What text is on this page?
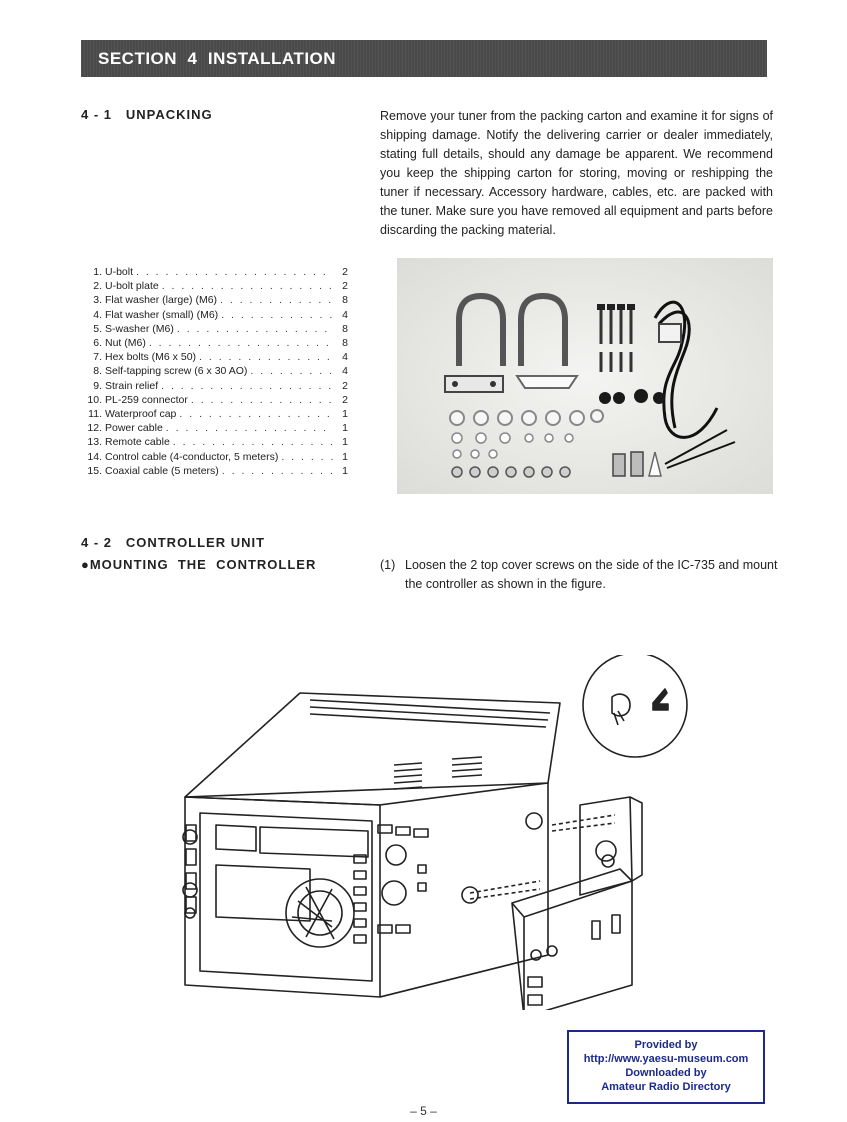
SECTION  4  INSTALLATION
4 - 1   UNPACKING	Remove your tuner from the packing carton and examine it for signs of shipping damage. Notify the delivering carrier or dealer immediately, stating full details, should any damage be apparent. We recommend you keep the shipping carton for storing, moving or reshipping the tuner if necessary. Accessory hardware, cables, etc. are packed with the tuner. Make sure you have removed all equipment and parts before discarding the packing material.
1. U-bolt . . .	2
2. U-bolt plate . . .	2
3. Flat washer (large) (M6) . . .	8
4. Flat washer (small) (M6) . . .	4
5. S-washer (M6) . . .	8
6. Nut (M6) . . .	8
7. Hex bolts (M6 x 50) . . .	4
8. Self-tapping screw (6 x 30 AO) . . .	4
9. Strain relief . . .	2
10. PL-259 connector . . .	2
11. Waterproof cap . . .	1
12. Power cable . . .	1
13. Remote cable . . .	1
14. Control cable (4-conductor, 5 meters) . . .	1
15. Coaxial cable (5 meters) . . .	1
4 - 2   CONTROLLER UNIT
●MOUNTING  THE  CONTROLLER	(1) Loosen the 2 top cover screws on the side of the IC-735 and mount the controller as shown in the figure.
Provided by
http://www.yaesu-museum.com
Downloaded by
Amateur Radio Directory
– 5 –
